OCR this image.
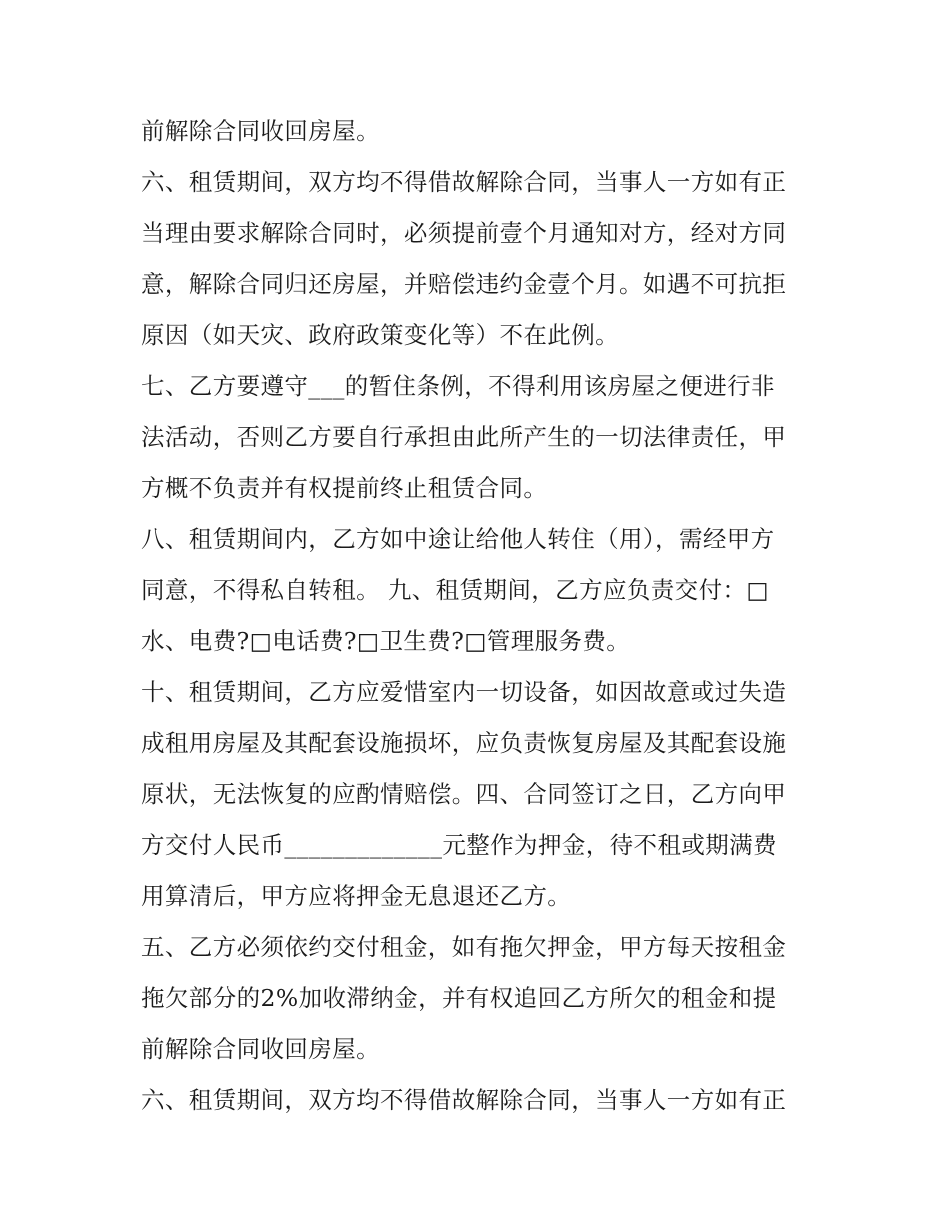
前解除合同收回房屋。
六、租赁期间，双方均不得借故解除合同，当事人一方如有正
当理由要求解除合同时，必须提前壹个月通知对方，经对方同
意，解除合同归还房屋，并赔偿违约金壹个月。如遇不可抗拒
原因（如天灾、政府政策变化等）不在此例。
七、乙方要遵守___的暂住条例，不得利用该房屋之便进行非
法活动，否则乙方要自行承担由此所产生的一切法律责任，甲
方概不负责并有权提前终止租赁合同。
八、租赁期间内，乙方如中途让给他人转住（用），需经甲方
同意，不得私自转租。 九、租赁期间，乙方应负责交付：□
水、电费?□电话费?□卫生费?□管理服务费。
十、租赁期间，乙方应爱惜室内一切设备，如因故意或过失造
成租用房屋及其配套设施损坏，应负责恢复房屋及其配套设施
原状，无法恢复的应酌情赔偿。四、合同签订之日，乙方向甲
方交付人民币_____________元整作为押金，待不租或期满费
用算清后，甲方应将押金无息退还乙方。
五、乙方必须依约交付租金，如有拖欠押金，甲方每天按租金
拖欠部分的2%加收滞纳金，并有权追回乙方所欠的租金和提
前解除合同收回房屋。
六、租赁期间，双方均不得借故解除合同，当事人一方如有正
